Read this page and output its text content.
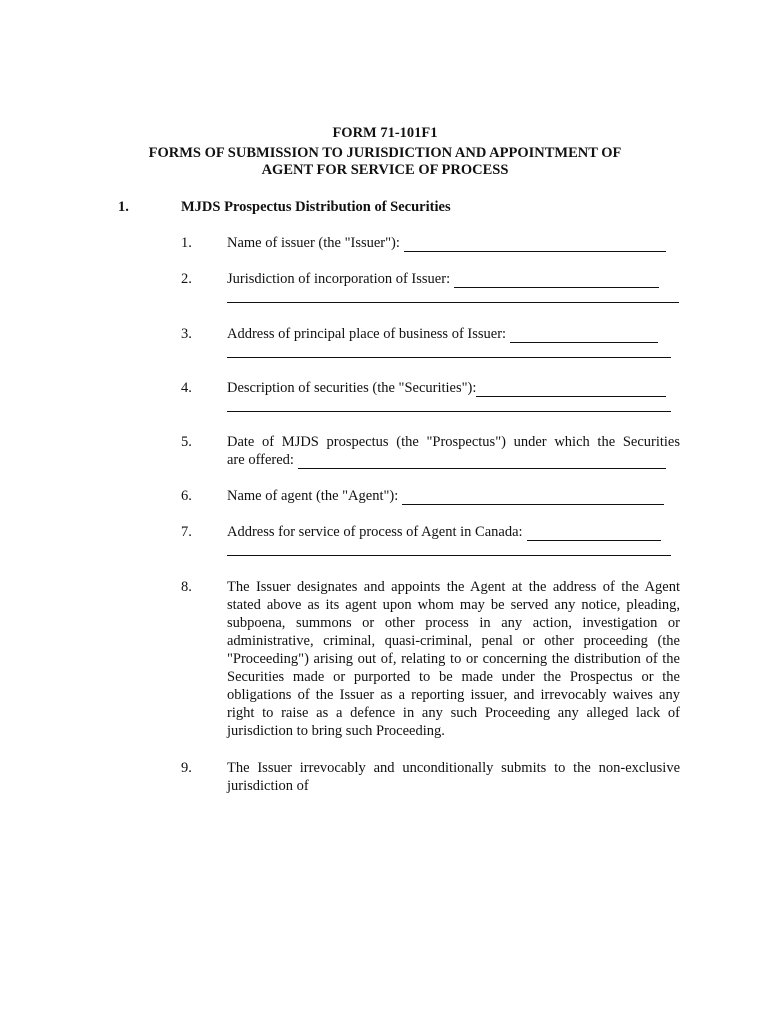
FORM 71-101F1
FORMS OF SUBMISSION TO JURISDICTION AND APPOINTMENT OF
AGENT FOR SERVICE OF PROCESS
1.	MJDS Prospectus Distribution of Securities
1. Name of issuer (the "Issuer"):
2. Jurisdiction of incorporation of Issuer:
3. Address of principal place of business of Issuer:
4. Description of securities (the "Securities"):
5. Date of MJDS prospectus (the "Prospectus") under which the Securities
are offered:
6. Name of agent (the "Agent"):
7. Address for service of process of Agent in Canada:
8. The Issuer designates and appoints the Agent at the address of the Agent stated above as its agent upon whom may be served any notice, pleading, subpoena, summons or other process in any action, investigation or administrative, criminal, quasi-criminal, penal or other proceeding (the "Proceeding") arising out of, relating to or concerning the distribution of the Securities made or purported to be made under the Prospectus or the obligations of the Issuer as a reporting issuer, and irrevocably waives any right to raise as a defence in any such Proceeding any alleged lack of jurisdiction to bring such Proceeding.
9. The Issuer irrevocably and unconditionally submits to the non-exclusive jurisdiction of
